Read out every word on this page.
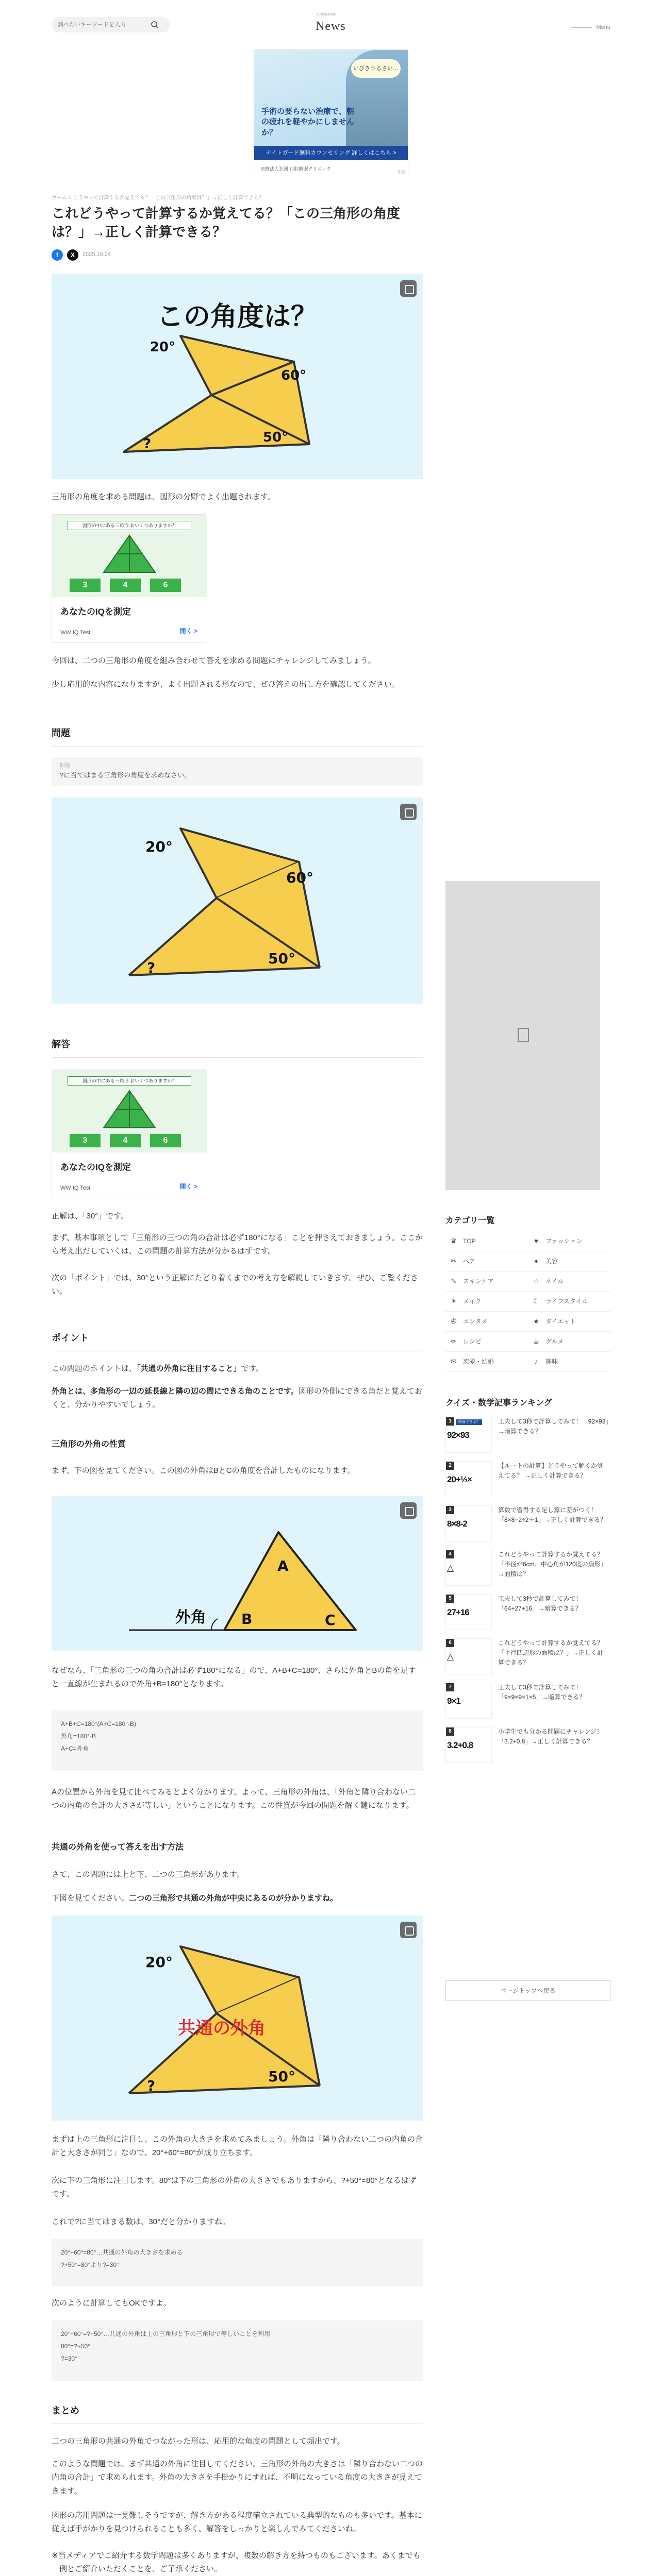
調べたいキーワードを入力
FUJINGAHOU
News	Menu
いびきうるさい…
手術の要らない治療で、朝の疲れを軽やかにしませんか？
ナイトガード無料カウンセリング 詳しくはこちら >
医療法人社団 口腔睡眠クリニック
広告
ホーム > こうやって計算するか覚えてる？「この三角形の角度は？」→正しく計算できる？
これどうやって計算するか覚えてる？「この三角形の角度は？」→正しく計算できる？
f	X	2025.10.24
この角度は？
20°
60°
50°
?

三角形の角度を求める問題は、図形の分野でよく出題されます。

図形の中にある三角形 おいくつありますか？
3	4	6
あなたのIQを測定
WW IQ Test	開く >

今回は、二つの三角形の角度を組み合わせて答えを求める問題にチャレンジしてみましょう。

少し応用的な内容になりますが、よく出題される形なので、ぜひ答えの出し方を確認してください。

問題
問題
?に当てはまる三角形の角度を求めなさい。
20°
60°
50°
?
解答
図形の中にある三角形 おいくつありますか？
3	4	6
あなたのIQを測定
WW IQ Test	開く >

正解は、「30°」です。

まず、基本事項として「三角形の三つの角の合計は必ず180°になる」ことを押さえておきましょう。ここから考え出だしていくは、この問題の計算方法が分かるはずです。

次の「ポイント」では、30°という正解にたどり着くまでの考え方を解説していきます。ぜひ、ご覧ください。

ポイント

この問題のポイントは、「共通の外角に注目すること」です。

外角とは、多角形の一辺の延長線と隣の辺の間にできる角のことです。図形の外側にできる角だと覚えておくと、分かりやすいでしょう。

三角形の外角の性質

まず、下の図を見てください。この図の外角はBとCの角度を合計したものになります。

外角
A
B	C

なぜなら、「三角形の三つの角の合計は必ず180°になる」ので、A+B+C=180°、さらに外角とBの角を足すと一直線が生まれるので外角+B=180°となります。

A+B+C=180°(A+C=180°-B)
外角=180°-B
A+C=外角

Aの位置から外角を見て比べてみるとよく分かります。よって、三角形の外角は、「外角と隣り合わない二つの内角の合計の大きさが等しい」ということになります。この性質が今回の問題を解く鍵になります。

共通の外角を使って答えを出す方法

さて、この問題には上と下、二つの三角形があります。

下図を見てください。二つの三角形で共通の外角が中央にあるのが分かりますね。

20°
共通の外角
50°
?

まずは上の三角形に注目し、この外角の大きさを求めてみましょう。外角は「隣り合わない二つの内角の合計と大きさが同じ」なので、20°+60°=80°が成り立ちます。

次に下の三角形に注目します。80°は下の三角形の外角の大きさでもありますから、?+50°=80°となるはずです。

これで?に当てはまる数は、30°だと分かりますね。

20°+60°=80°…共通の外角の大きさを求める
?+50°=80°より?=30°

次のように計算してもOKですよ。

20°+60°=?+50°…共通の外角は上の三角形と下の三角形で等しいことを利用
80°=?+50°
?=30°
まとめ

二つの三角形の共通の外角でつながった形は、応用的な角度の問題として頻出です。

このような問題では、まず共通の外角に注目してください。三角形の外角の大きさは「隣り合わない二つの内角の合計」で求められます。外角の大きさを手掛かりにすれば、不明になっている角度の大きさが見えてきます。

図形の応用問題は一見難しそうですが、解き方がある程度確立されている典型的なものも多いです。基本に従えば手がかりを見つけられることも多く、解答をしっかりと楽しんでみてくださいね。

※当メディアでご紹介する数学問題は多くありますが、複数の解き方を持つものもございます。あくまでも一例とご紹介いただくことを、ご了承ください。

カテゴリ一覧
♛ TOP	♥	ファッション
✂ ヘア	♦	美容
✎ スキンケア	♘ ネイル
☀ メイク	☾ ライフスタイル
✇ エンタメ	★ ダイエット
✏ レシピ	☕ グルメ
✉ 恋愛・結婚	♪	趣味
クイズ・数学記事ランキング
1	暗算できる？
92×93
工夫して3秒で計算してみて！「92×93」→暗算できる？
2
20+⅓×
【ルートの計算】どうやって解くか覚えてる？ →正しく計算できる？
3
8×8-2
算数で習得する足し算に差がつく！「8×8−2÷2＋1」→正しく計算できる？
4
△
これどうやって計算するか覚えてる？「半径が6cm、中心角が120度の扇形」→面積は？
5
27+16
工夫して3秒で計算してみて！「64+27+16」→暗算できる？
6
△
これどうやって計算するか覚えてる？「平行四辺形の面積は？」→正しく計算できる？
7
9×1
工夫して3秒で計算してみて！「9×9×9×1×5」→暗算できる？
8
3.2+0.8
小学生でも分かる問題にチャレンジ！「3.2+0.8」→正しく計算できる？
ページトップへ戻る
